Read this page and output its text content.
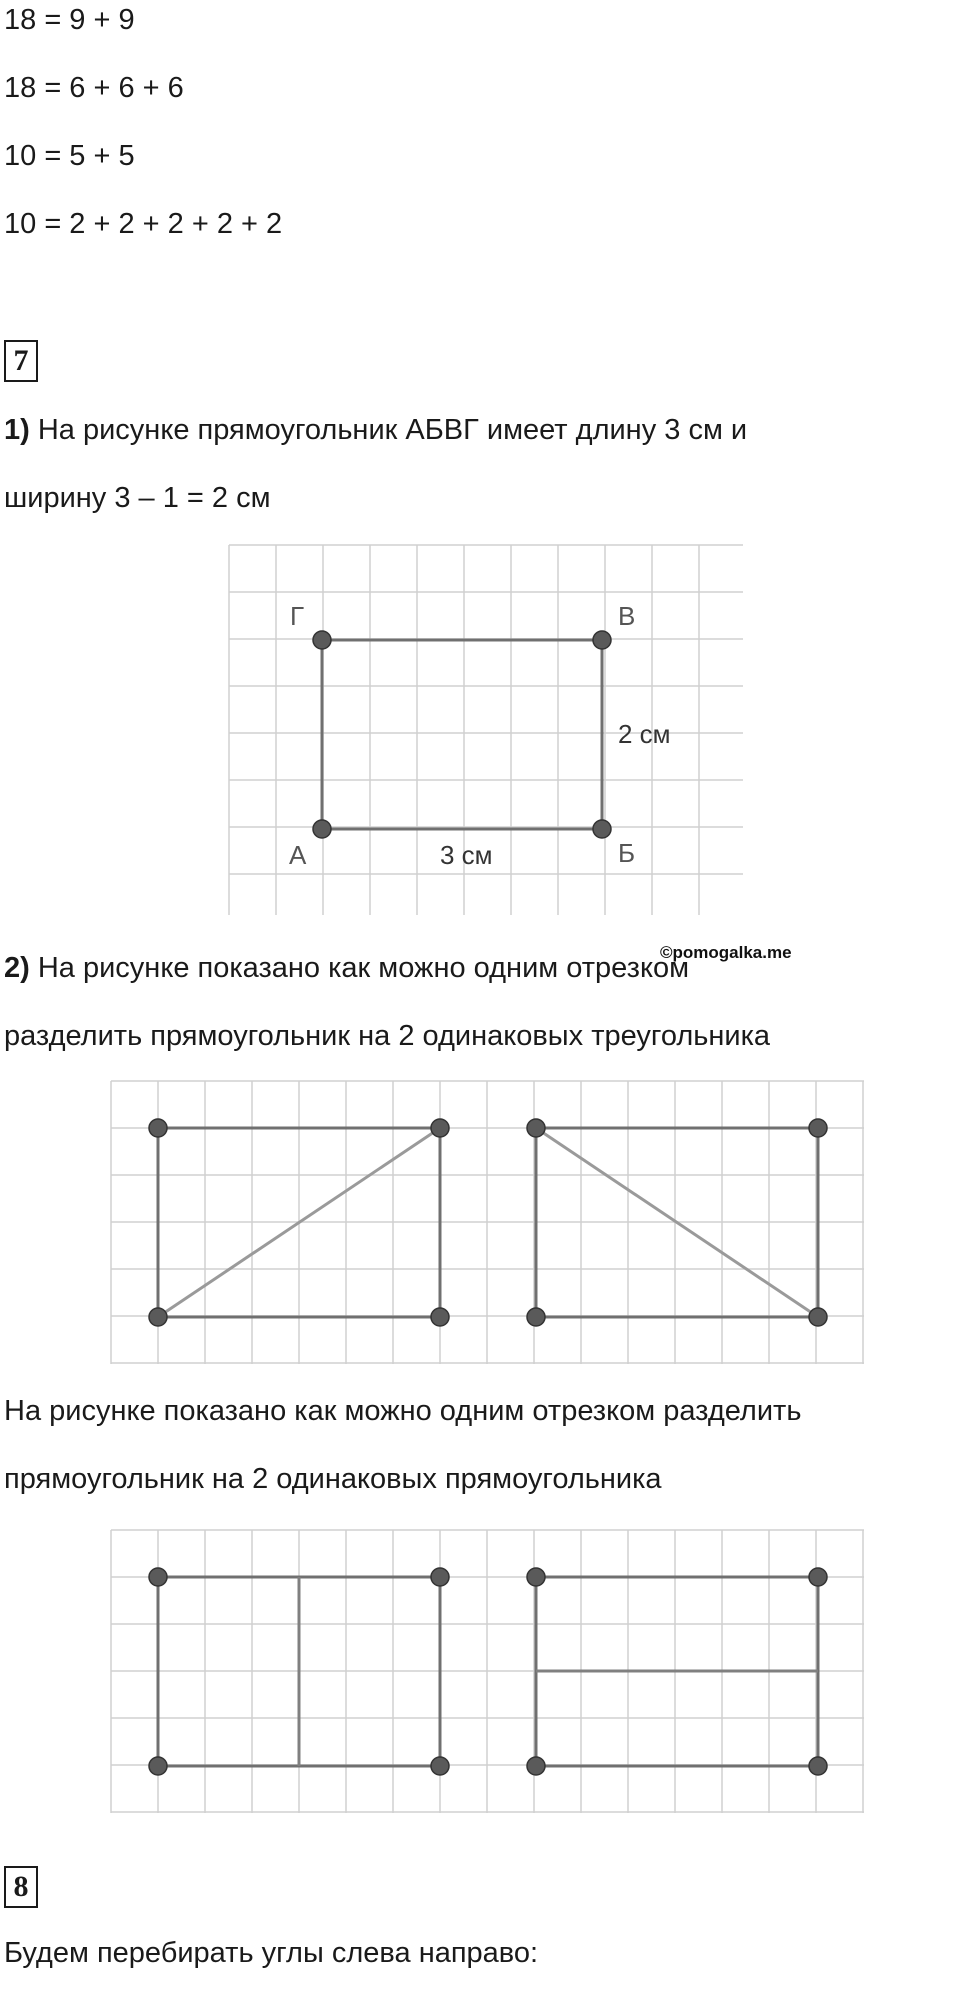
18 = 9 + 9
18 = 6 + 6 + 6
10 = 5 + 5
10 = 2 + 2 + 2 + 2 + 2
7
1) На рисунке прямоугольник АБВГ имеет длину 3 см и
ширину 3 – 1 = 2 см
Г	В
Б
А	3 см
2 см
©pomogalka.me
2) На рисунке показано как можно одним отрезком
разделить прямоугольник на 2 одинаковых треугольника
На рисунке показано как можно одним отрезком разделить
прямоугольник на 2 одинаковых прямоугольника
8
Будем перебирать углы слева направо:
